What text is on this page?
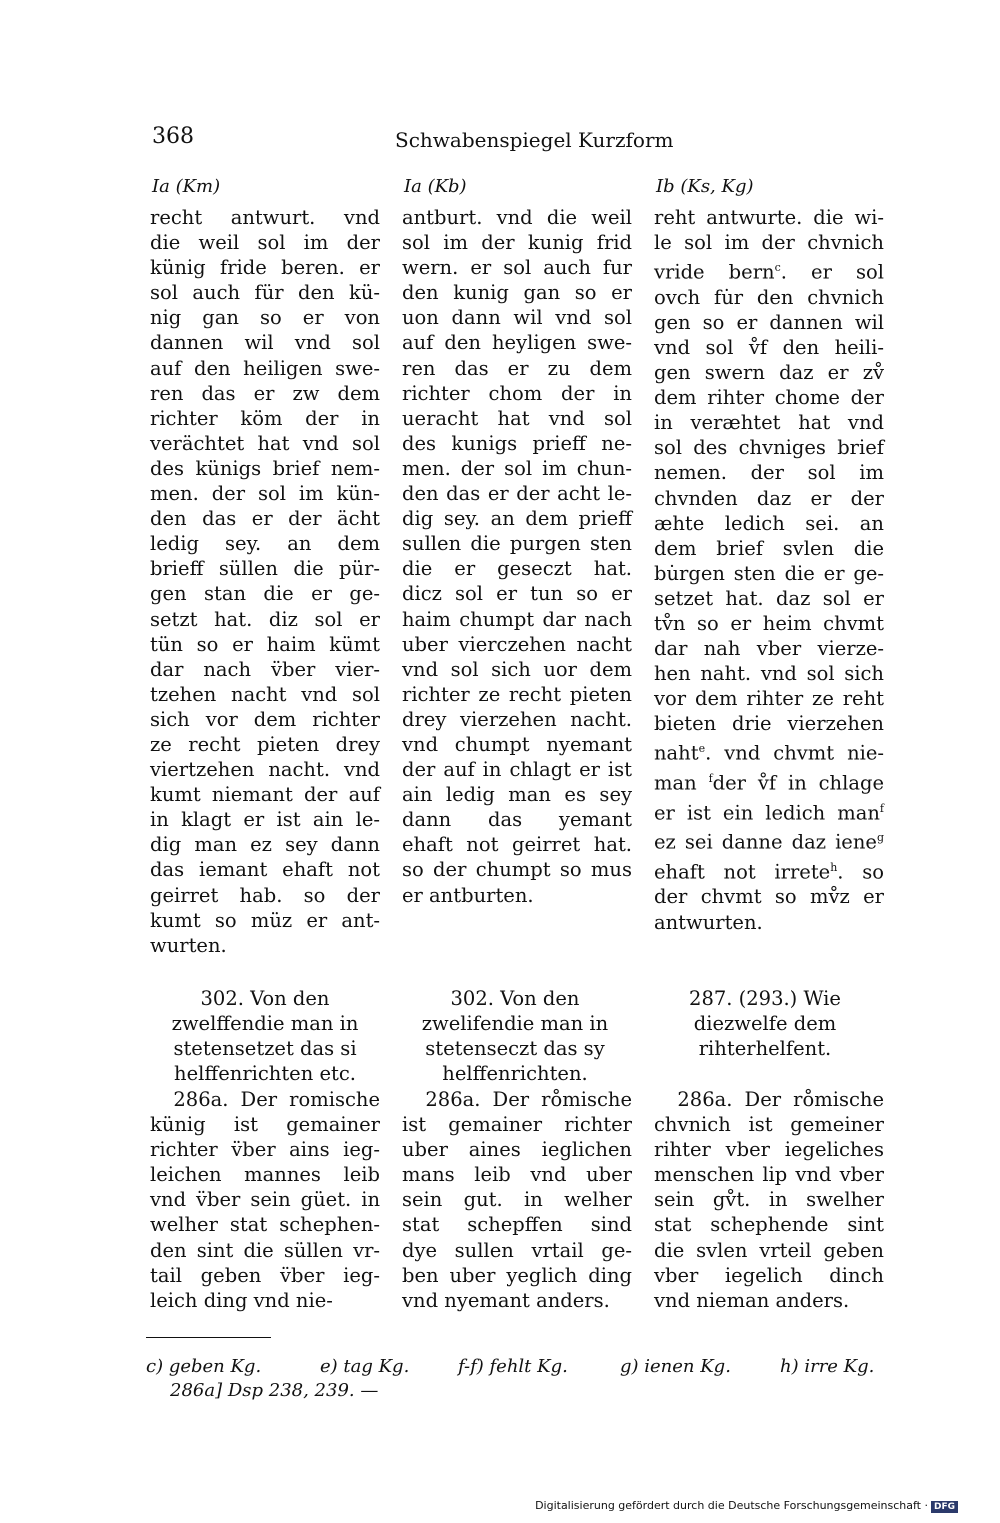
368	Schwabenspiegel Kurzform
Ia (Km)	Ia (Kb)	Ib (Ks, Kg)
recht antwurt. vnd
die weil sol im der
künig fride beren. er
sol auch für den kü-
nig gan so er von
dannen wil vnd sol
auf den heiligen swe-
ren das er zw dem
richter köm der in
verächtet hat vnd sol
des künigs brief nem-
men. der sol im kün-
den das er der ächt
ledig sey. an dem
brieff süllen die pür-
gen stan die er ge-
setzt hat. diz sol er
tün so er haim kümt
dar nach v̈ber vier-
tzehen nacht vnd sol
sich vor dem richter
ze recht pieten drey
viertzehen nacht. vnd
kumt niemant der auf
in klagt er ist ain le-
dig man ez sey dann
das iemant ehaft not
geirret hab. so der
kumt so müz er ant-
wurten.
antburt. vnd die weil
sol im der kunig frid
wern. er sol auch fur
den kunig gan so er
uon dann wil vnd sol
auf den heyligen swe-
ren das er zu dem
richter chom der in
ueracht hat vnd sol
des kunigs prieff ne-
men. der sol im chun-
den das er der acht le-
dig sey. an dem prieff
sullen die purgen sten
die er geseczt hat.
dicz sol er tun so er
haim chumpt dar nach
uber vierczehen nacht
vnd sol sich uor dem
richter ze recht pieten
drey vierzehen nacht.
vnd chumpt nyemant
der auf in chlagt er ist
ain ledig man es sey
dann das yemant
ehaft not geirret hat.
so der chumpt so mus
er antburten.
reht antwurte. die wi-
le sol im der chvnich
vride bern$^c$. er sol
ovch fu̇r den chvnich
gen so er dannen wil
vnd sol v̊f den heili-
gen swern daz er zv̊
dem rihter chome der
in veræhtet hat vnd
sol des chvniges brief
nemen. der sol im
chvnden daz er der
æhte ledich sei. an
dem brief svlen die
bu̇rgen sten die er ge-
setzet hat. daz sol er
tv̊n so er heim chvmt
dar nah vber vierze-
hen naht. vnd sol sich
vor dem rihter ze reht
bieten drie vierzehen
naht$^e$. vnd chvmt nie-
man $^f$der v̊f in chlage
er ist ein ledich man$^f$
ez sei danne daz iene$^g$
ehaft not irrete$^h$. so
der chvmt so mv̊z er
antwurten.
302. Von den zwelffendie man in stetensetzet das si helffenrichten etc.
302. Von den zwelifendie man in stetenseczt das sy helffenrichten.
287. (293.) Wie diezwelfe dem rihterhelfent.
286a. Der romische
künig ist gemainer
richter v̈ber ains ieg-
leichen mannes leib
vnd v̈ber sein güet. in
welher stat schephen-
den sint die süllen vr-
tail geben v̈ber ieg-
leich ding vnd nie-
286a. Der ro̊mische
ist gemainer richter
uber aines ieglichen
mans leib vnd uber
sein gut. in welher
stat schepffen sind
dye sullen vrtail ge-
ben uber yeglich ding
vnd nyemant anders.
286a. Der ro̊mische
chvnich ist gemeiner
rihter vber iegeliches
menschen lip vnd vber
sein gv̊t. in swelher
stat schephende sint
die svlen vrteil geben
vber iegelich dinch
vnd nieman anders.
c) geben Kg.	e) tag Kg.	f-f) fehlt Kg.	g) ienen Kg.	h) irre Kg.
286a] Dsp 238, 239. —
Digitalisierung gefördert durch die Deutsche Forschungsgemeinschaft · DFG
